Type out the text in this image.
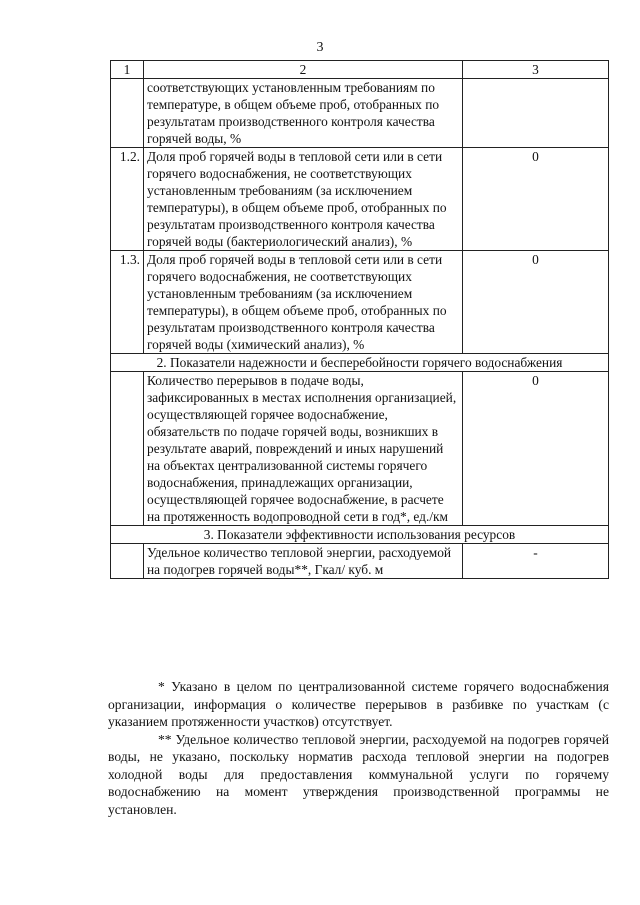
3
1	2	3
	соответствующих установленным требованиям по температуре, в общем объеме проб, отобранных по результатам производственного контроля качества горячей воды, %	
1.2.	Доля проб горячей воды в тепловой сети или в сети горячего водоснабжения, не соответствующих установленным требованиям (за исключением температуры), в общем объеме проб, отобранных по результатам производственного контроля качества горячей воды (бактериологический анализ), %	0
1.3.	Доля проб горячей воды в тепловой сети или в сети горячего водоснабжения, не соответствующих установленным требованиям (за исключением температуры), в общем объеме проб, отобранных по результатам производственного контроля качества горячей воды (химический анализ), %	0
2. Показатели надежности и бесперебойности горячего водоснабжения		
	Количество перерывов в подаче воды, зафиксированных в местах исполнения организацией, осуществляющей горячее водоснабжение, обязательств по подаче горячей воды, возникших в результате аварий, повреждений и иных нарушений на объектах централизованной системы горячего водоснабжения, принадлежащих организации, осуществляющей горячее водоснабжение, в расчете на протяженность водопроводной сети в год*, ед./км	0
3. Показатели эффективности использования ресурсов		
	Удельное количество тепловой энергии, расходуемой на подогрев горячей воды**, Гкал/ куб. м	-

* Указано в целом по централизованной системе горячего водоснабжения организации, информация о количестве перерывов в разбивке по участкам (с указанием протяженности участков) отсутствует.

** Удельное количество тепловой энергии, расходуемой на подогрев горячей воды, не указано, поскольку норматив расхода тепловой энергии на подогрев холодной воды для предоставления коммунальной услуги по горячему водоснабжению на момент утверждения производственной программы не установлен.
